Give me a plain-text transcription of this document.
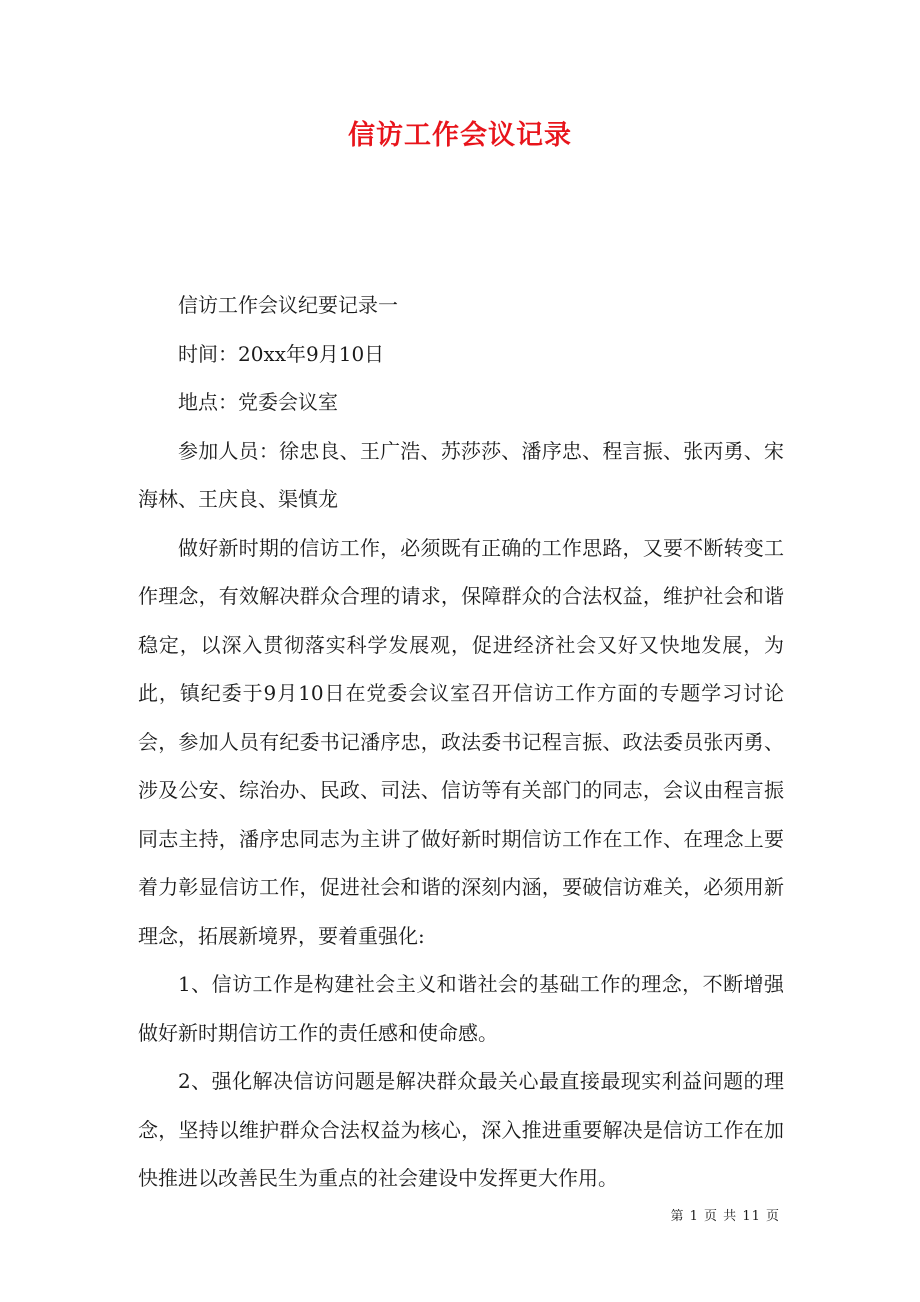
信访工作会议记录

信访工作会议纪要记录一

时间：20xx年9月10日

地点：党委会议室

参加人员：徐忠良、王广浩、苏莎莎、潘序忠、程言振、张丙勇、宋海林、王庆良、渠慎龙

做好新时期的信访工作，必须既有正确的工作思路，又要不断转变工作理念，有效解决群众合理的请求，保障群众的合法权益，维护社会和谐稳定，以深入贯彻落实科学发展观，促进经济社会又好又快地发展，为此，镇纪委于9月10日在党委会议室召开信访工作方面的专题学习讨论会，参加人员有纪委书记潘序忠，政法委书记程言振、政法委员张丙勇、涉及公安、综治办、民政、司法、信访等有关部门的同志，会议由程言振同志主持，潘序忠同志为主讲了做好新时期信访工作在工作、在理念上要着力彰显信访工作，促进社会和谐的深刻内涵，要破信访难关，必须用新理念，拓展新境界，要着重强化:

1、信访工作是构建社会主义和谐社会的基础工作的理念，不断增强做好新时期信访工作的责任感和使命感。

2、强化解决信访问题是解决群众最关心最直接最现实利益问题的理念，坚持以维护群众合法权益为核心，深入推进重要解决是信访工作在加快推进以改善民生为重点的社会建设中发挥更大作用。

第 1 页 共 11 页
